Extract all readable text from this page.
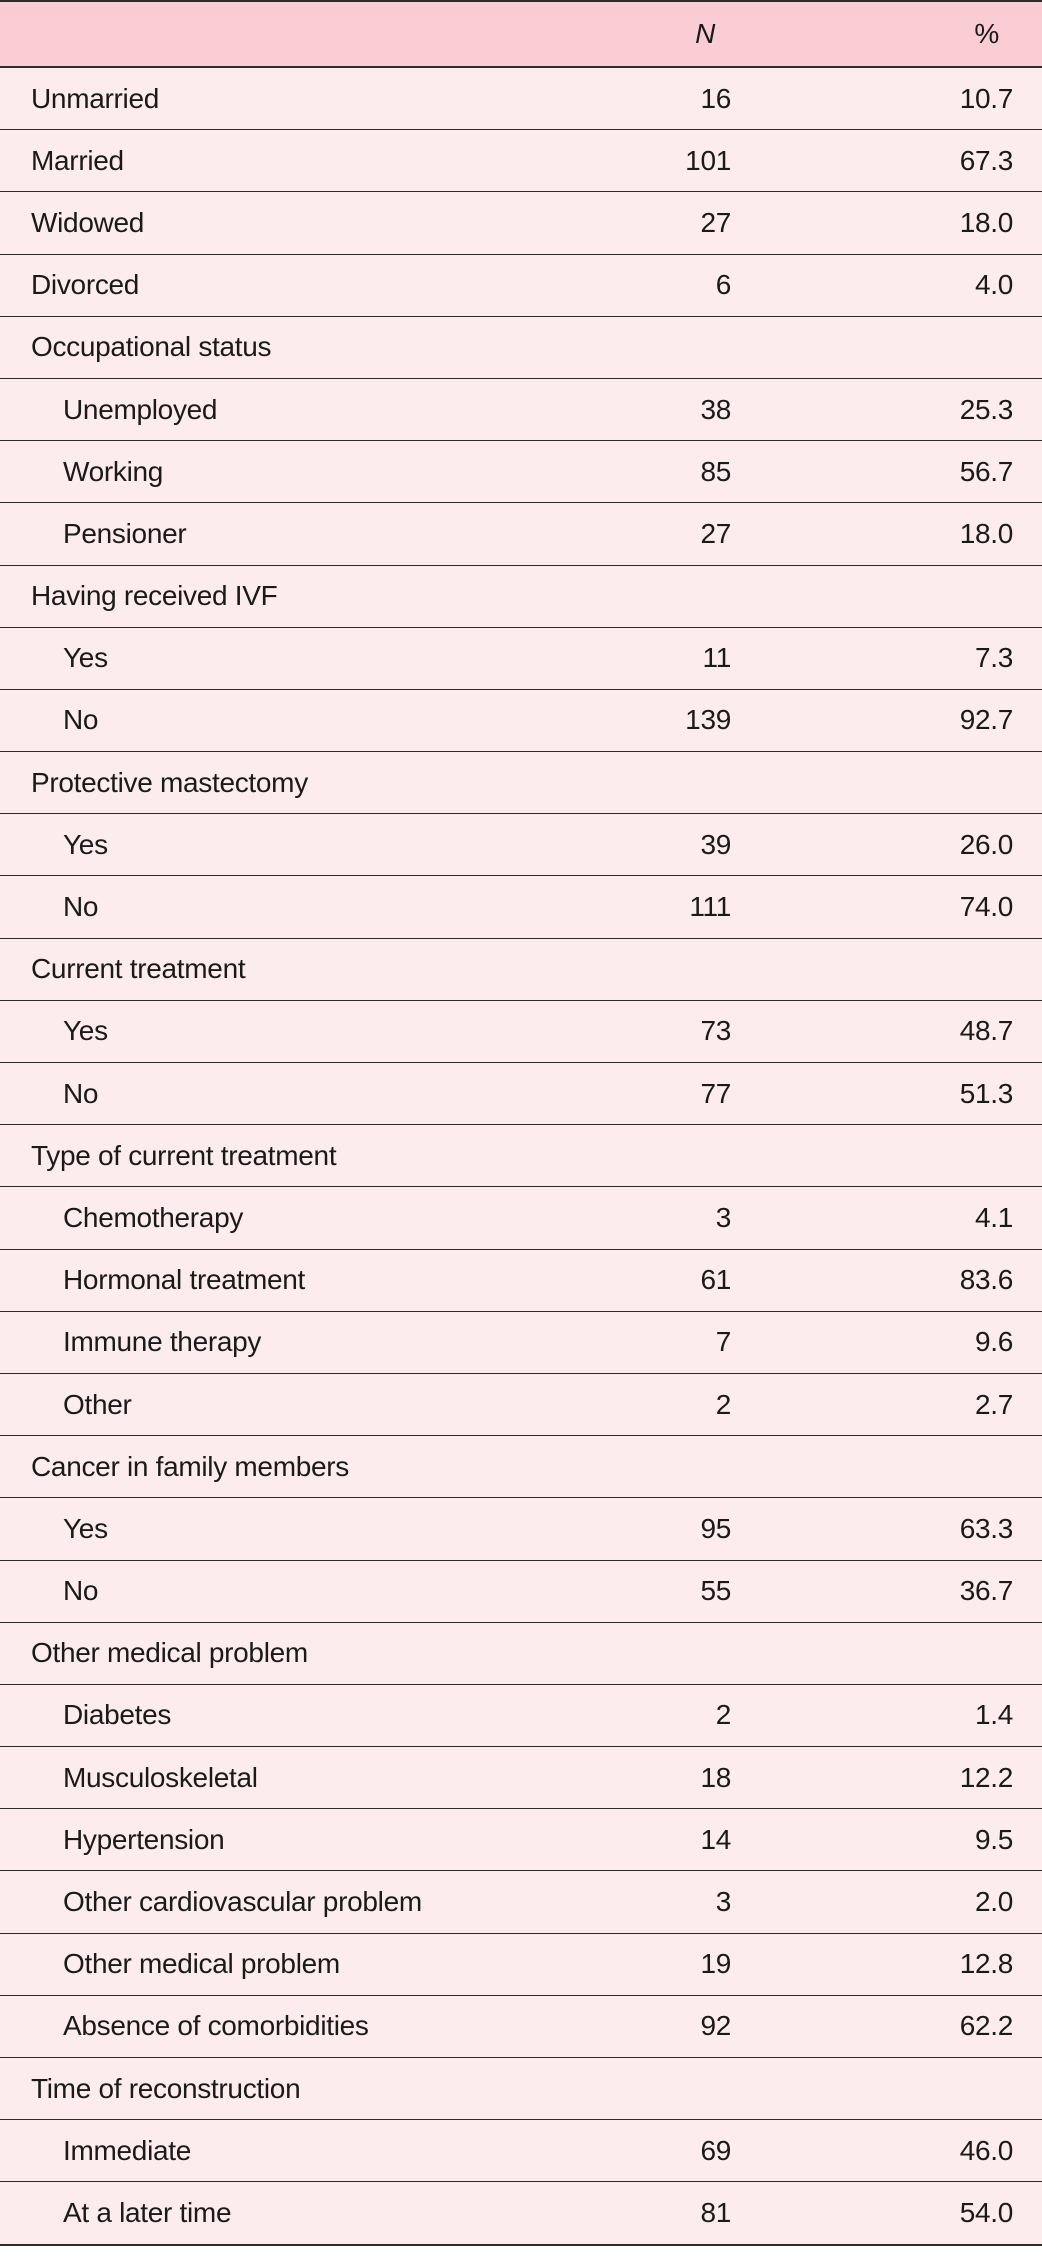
	N	%
Unmarried	16	10.7
Married	101	67.3
Widowed	27	18.0
Divorced	6	4.0
Occupational status		
Unemployed	38	25.3
Working	85	56.7
Pensioner	27	18.0
Having received IVF		
Yes	11	7.3
No	139	92.7
Protective mastectomy		
Yes	39	26.0
No	111	74.0
Current treatment		
Yes	73	48.7
No	77	51.3
Type of current treatment		
Chemotherapy	3	4.1
Hormonal treatment	61	83.6
Immune therapy	7	9.6
Other	2	2.7
Cancer in family members		
Yes	95	63.3
No	55	36.7
Other medical problem		
Diabetes	2	1.4
Musculoskeletal	18	12.2
Hypertension	14	9.5
Other cardiovascular problem	3	2.0
Other medical problem	19	12.8
Absence of comorbidities	92	62.2
Time of reconstruction		
Immediate	69	46.0
At a later time	81	54.0
